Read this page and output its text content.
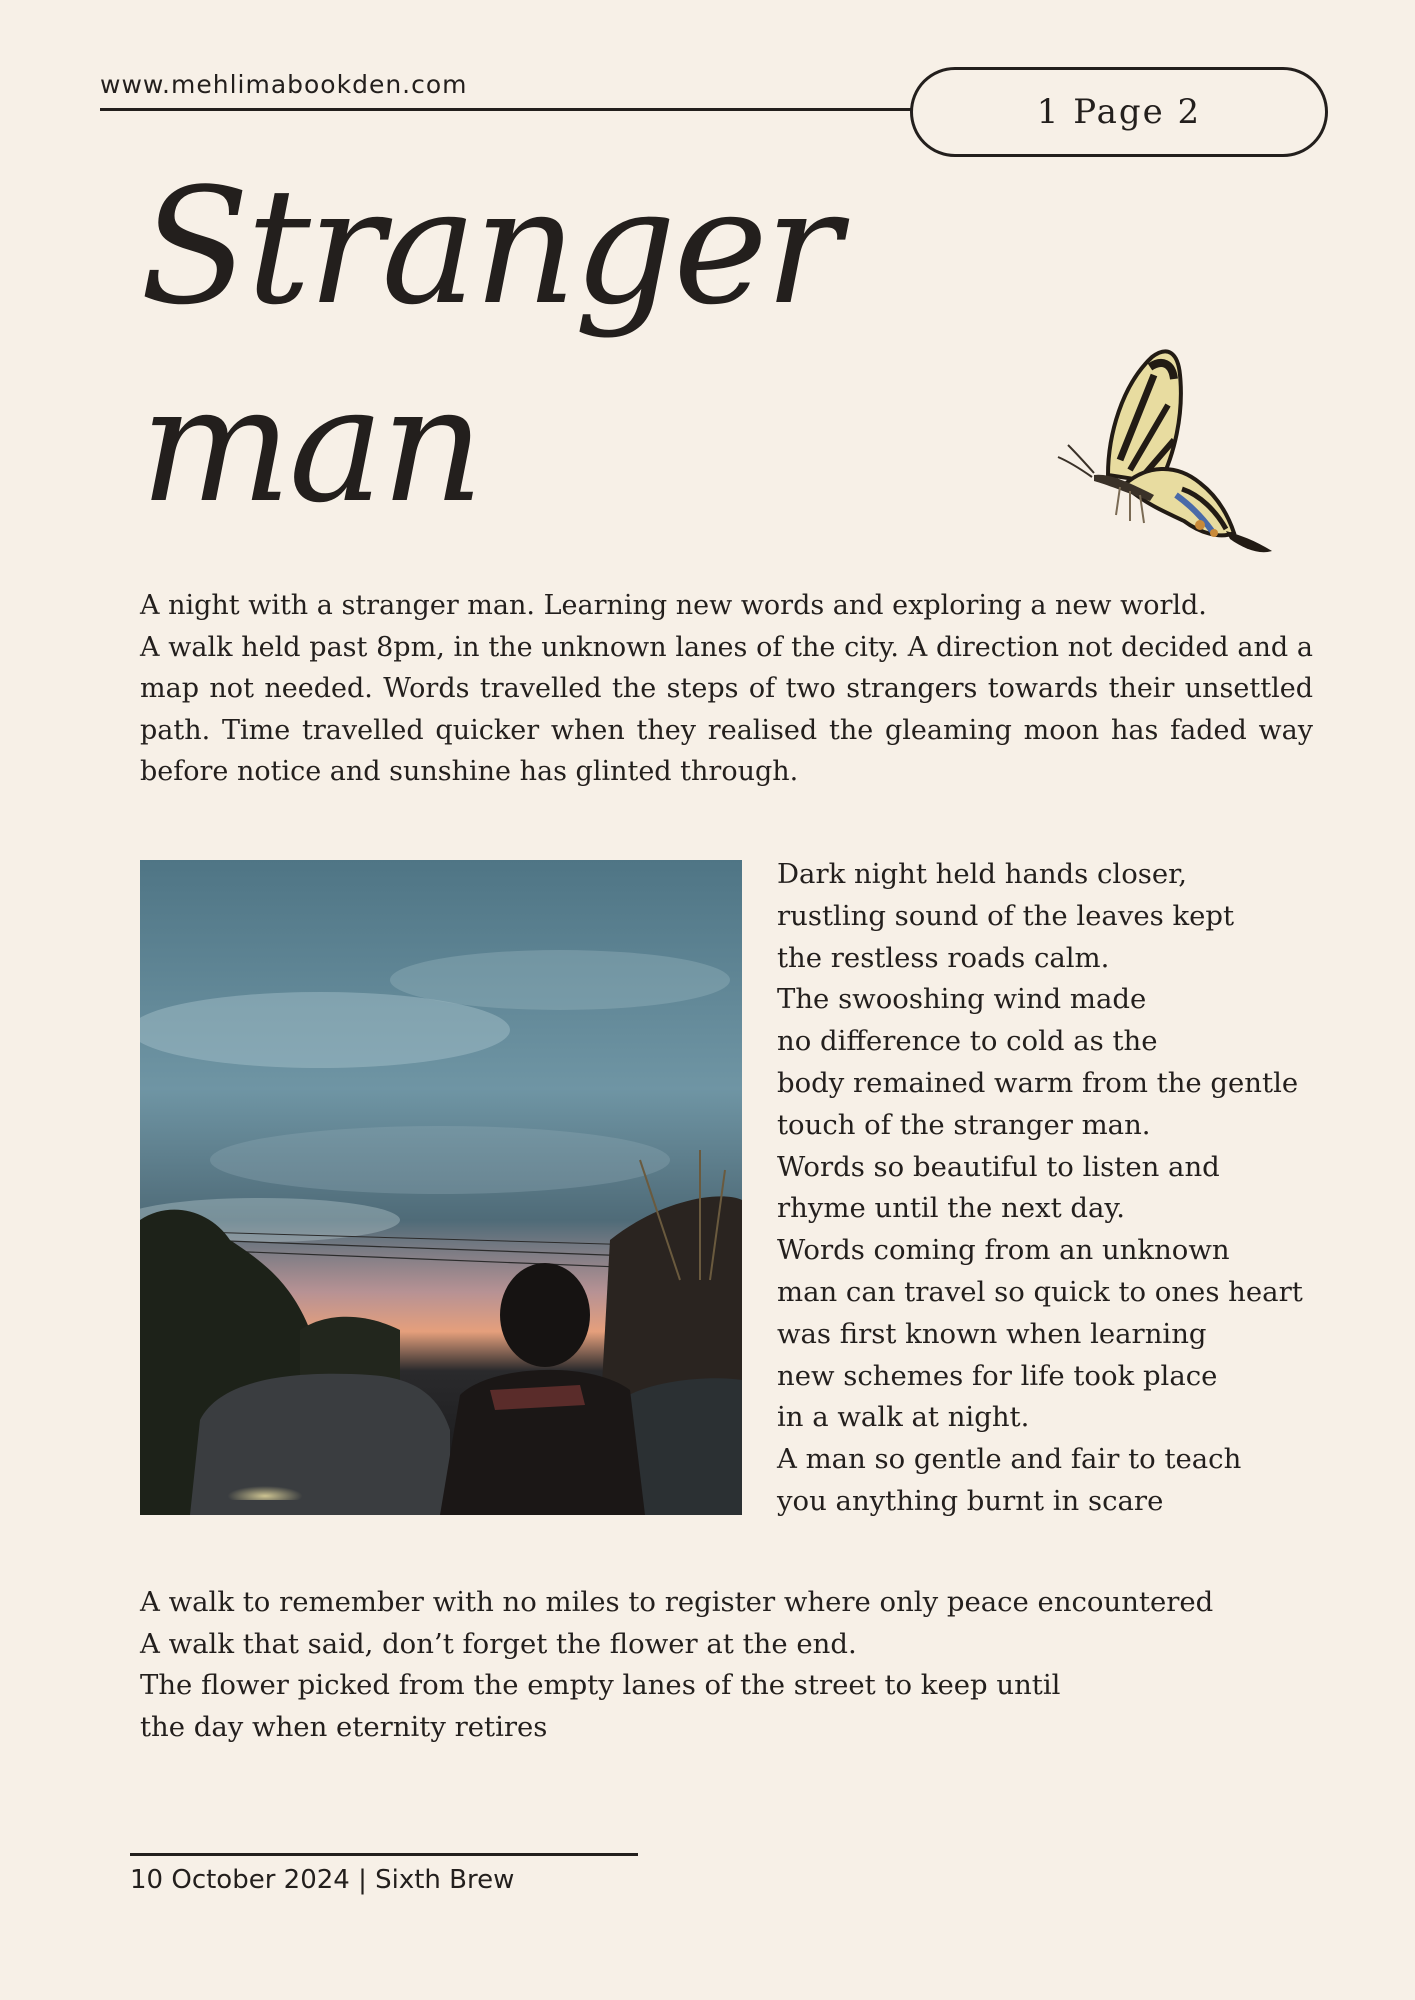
www.mehlimabookden.com
1 Page 2
Stranger
man

A night with a stranger man. Learning new words and exploring a new world.

A walk held past 8pm, in the unknown lanes of the city. A direction not decided and a map not needed. Words travelled the steps of two strangers towards their unsettled path. Time travelled quicker when they realised the gleaming moon has faded way before notice and sunshine has glinted through.

Dark night held hands closer,
rustling sound of the leaves kept
the restless roads calm.
The swooshing wind made
no difference to cold as the
body remained warm from the gentle
touch of the stranger man.
Words so beautiful to listen and
rhyme until the next day.
Words coming from an unknown
man can travel so quick to ones heart
was first known when learning
new schemes for life took place
in a walk at night.
A man so gentle and fair to teach
you anything burnt in scare
A walk to remember with no miles to register where only peace encountered
A walk that said, don’t forget the flower at the end.
The flower picked from the empty lanes of the street to keep until
the day when eternity retires
10 October 2024 | Sixth Brew
